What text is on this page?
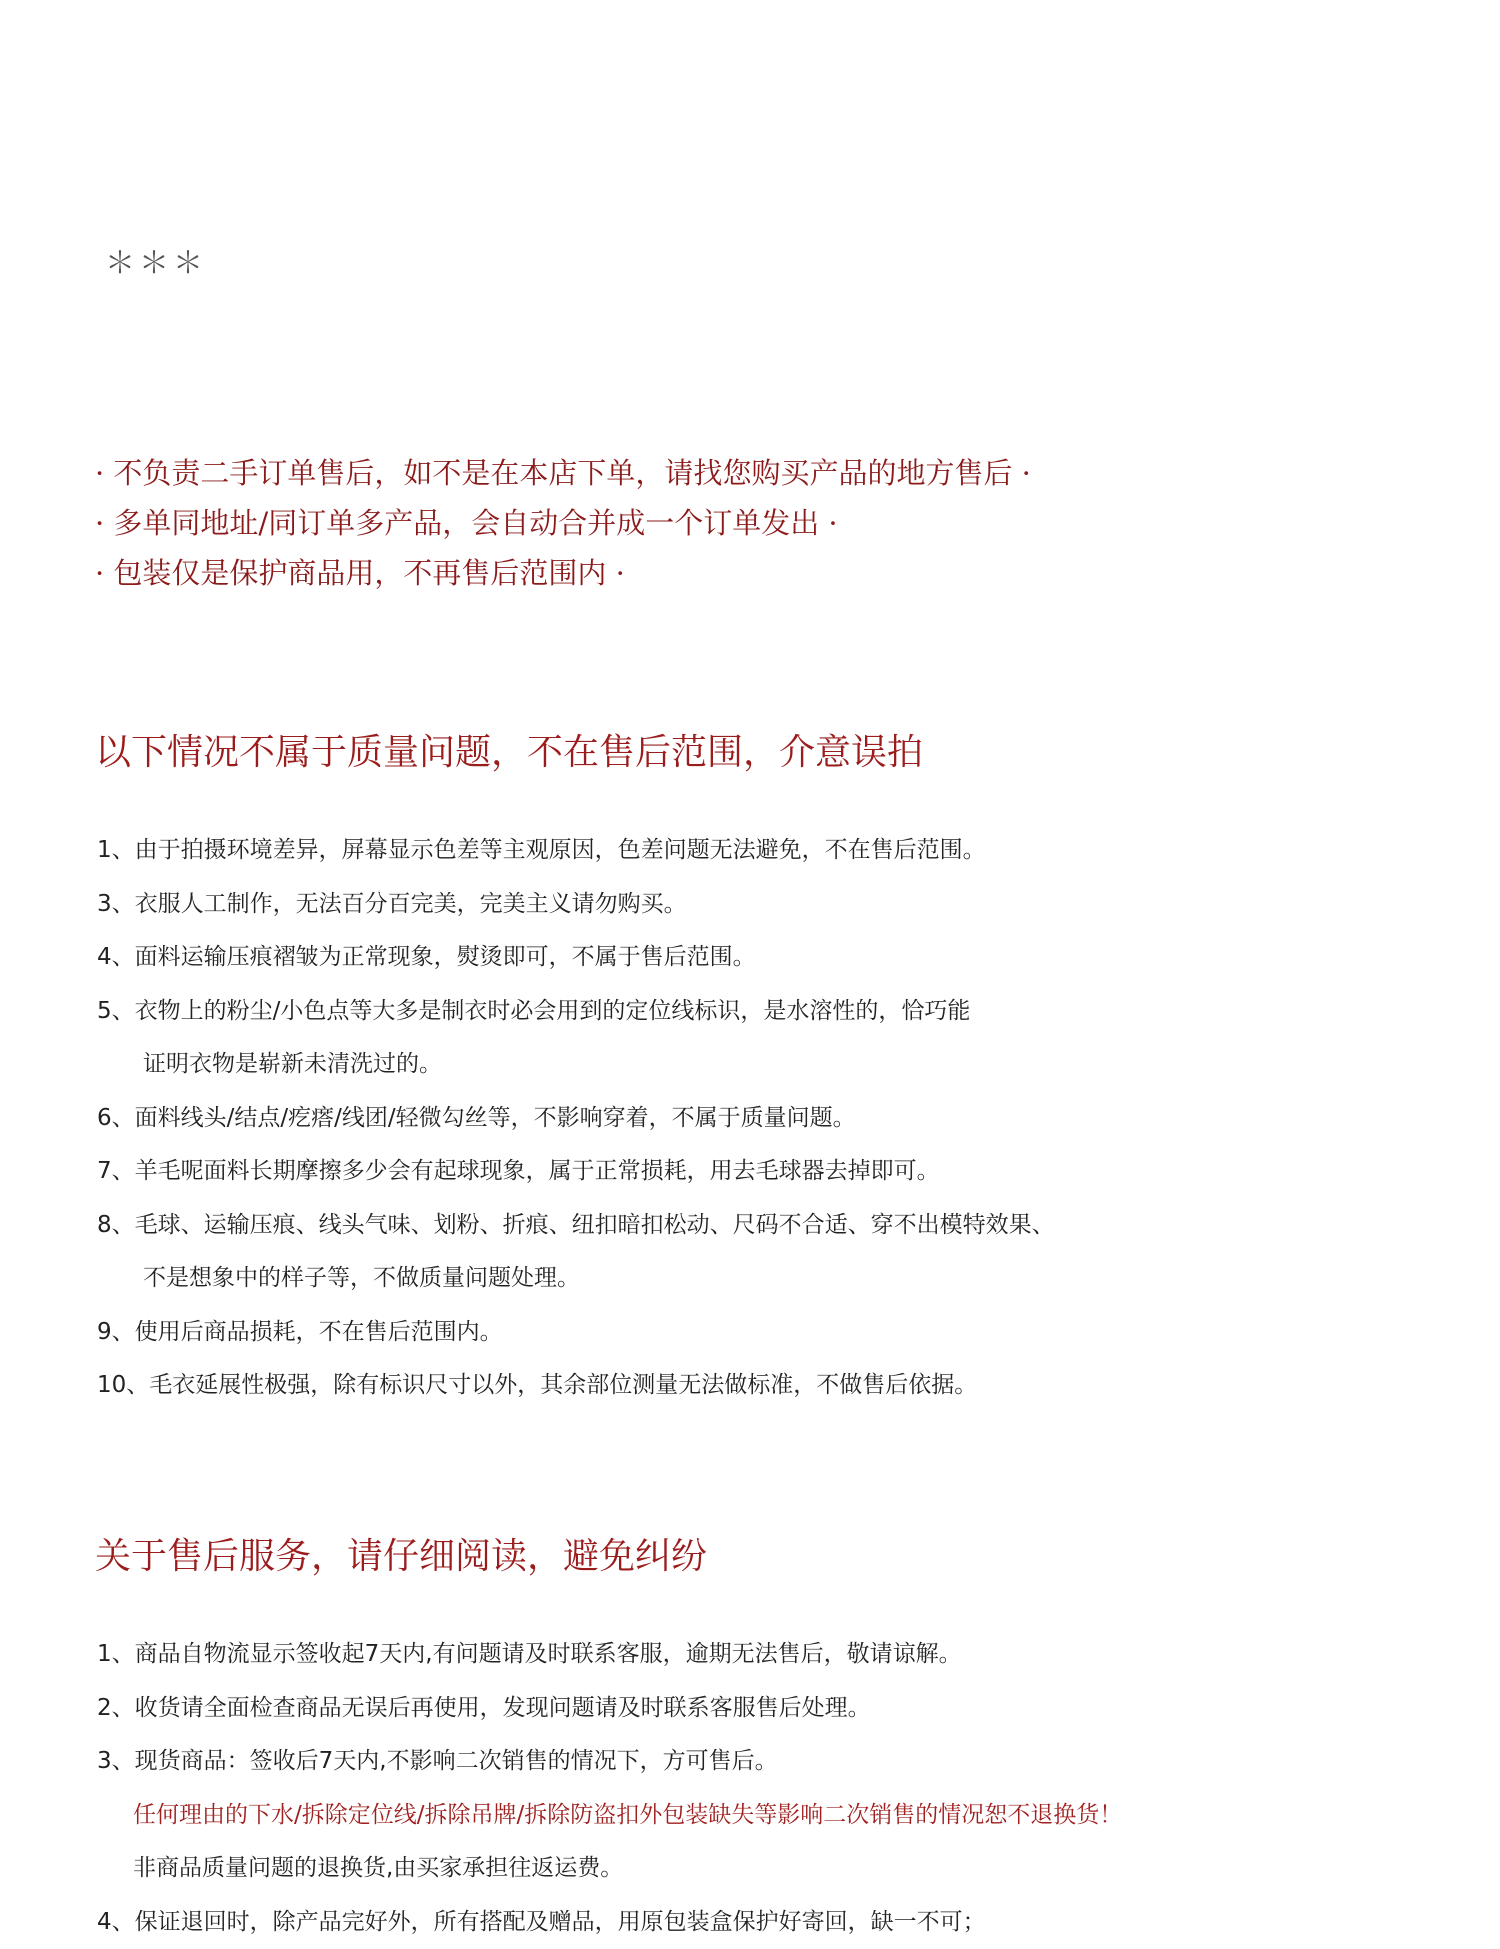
＊＊＊
· 不负责二手订单售后，如不是在本店下单，请找您购买产品的地方售后 ·
· 多单同地址/同订单多产品，会自动合并成一个订单发出 ·
· 包装仅是保护商品用，不再售后范围内 ·
以下情况不属于质量问题，不在售后范围，介意误拍
1、由于拍摄环境差异，屏幕显示色差等主观原因，色差问题无法避免，不在售后范围。
3、衣服人工制作，无法百分百完美，完美主义请勿购买。
4、面料运输压痕褶皱为正常现象，熨烫即可，不属于售后范围。
5、衣物上的粉尘/小色点等大多是制衣时必会用到的定位线标识，是水溶性的，恰巧能
证明衣物是崭新未清洗过的。
6、面料线头/结点/疙瘩/线团/轻微勾丝等，不影响穿着，不属于质量问题。
7、羊毛呢面料长期摩擦多少会有起球现象，属于正常损耗，用去毛球器去掉即可。
8、毛球、运输压痕、线头气味、划粉、折痕、纽扣暗扣松动、尺码不合适、穿不出模特效果、
不是想象中的样子等，不做质量问题处理。
9、使用后商品损耗，不在售后范围内。
10、毛衣延展性极强，除有标识尺寸以外，其余部位测量无法做标准，不做售后依据。
关于售后服务，请仔细阅读，避免纠纷
1、商品自物流显示签收起7天内,有问题请及时联系客服，逾期无法售后，敬请谅解。
2、收货请全面检查商品无误后再使用，发现问题请及时联系客服售后处理。
3、现货商品：签收后7天内,不影响二次销售的情况下，方可售后。
任何理由的下水/拆除定位线/拆除吊牌/拆除防盗扣外包装缺失等影响二次销售的情况恕不退换货！
非商品质量问题的退换货,由买家承担往返运费。
4、保证退回时，除产品完好外，所有搭配及赠品，用原包装盒保护好寄回，缺一不可；
